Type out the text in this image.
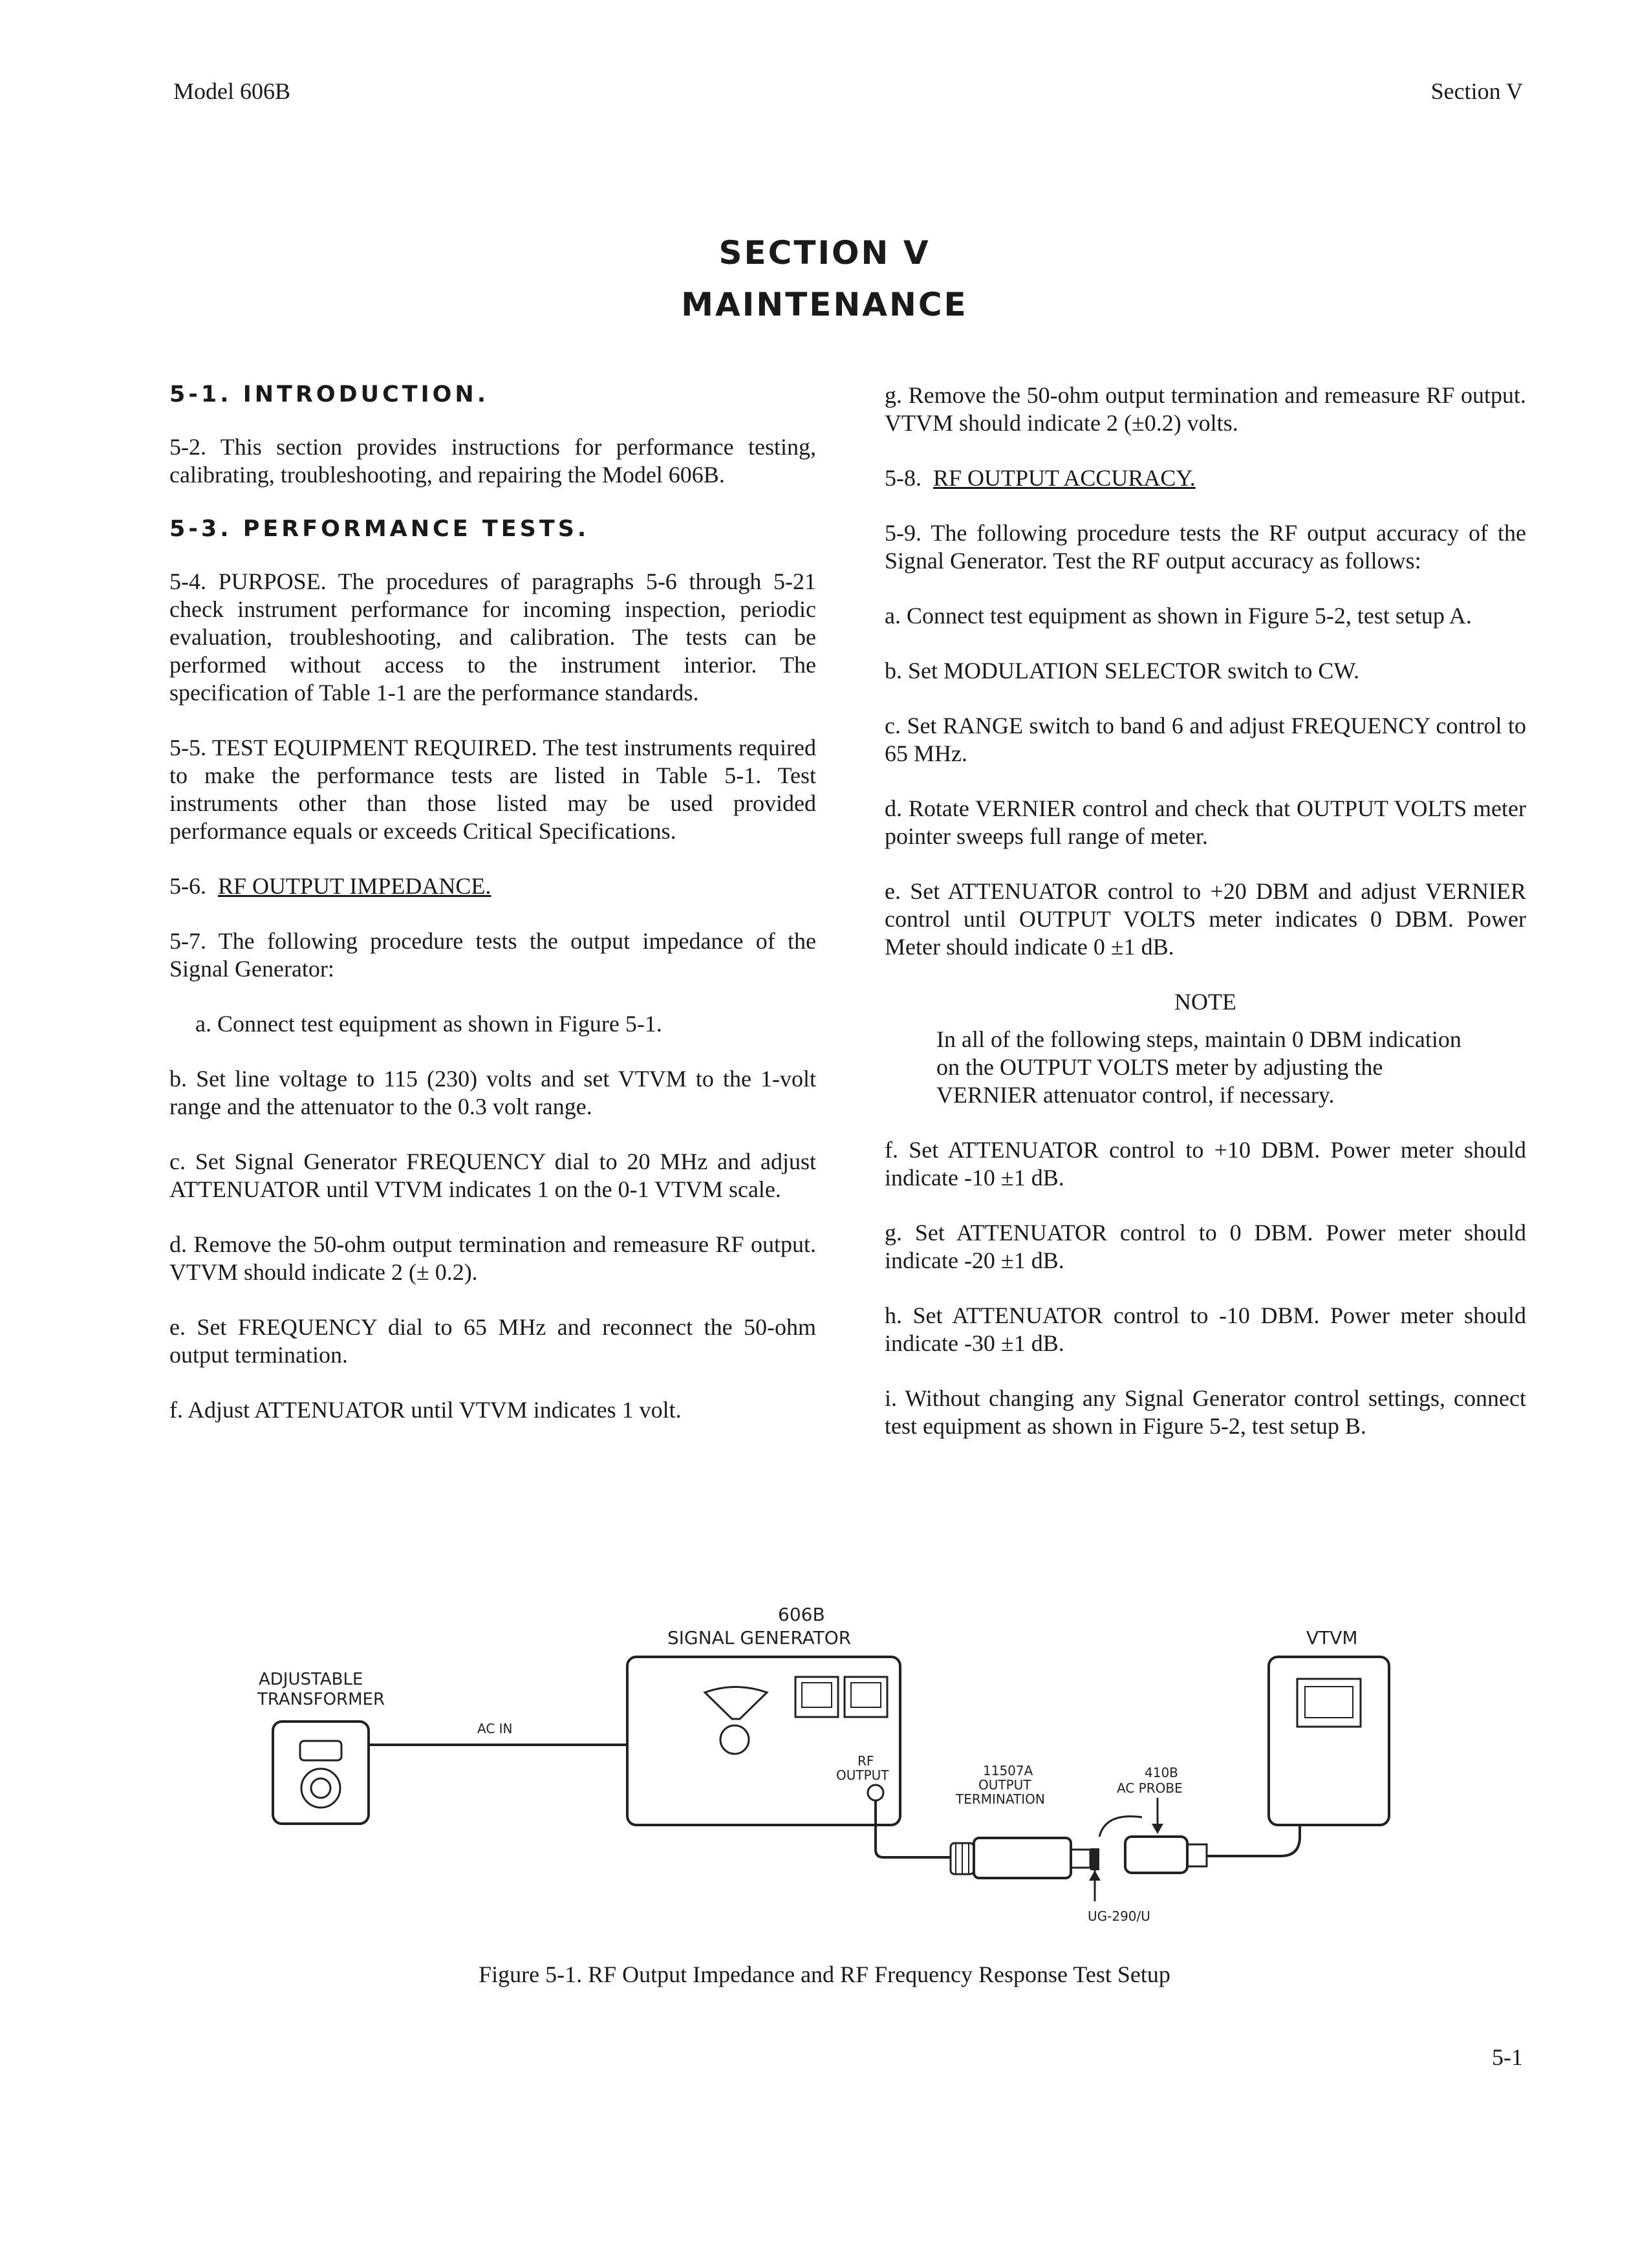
Model 606B	Section V
SECTION V
MAINTENANCE
5-1. INTRODUCTION.

5-2. This section provides instructions for performance testing, calibrating, troubleshooting, and repairing the Model 606B.

5-3. PERFORMANCE TESTS.

5-4. PURPOSE. The procedures of paragraphs 5-6 through 5-21 check instrument performance for incoming inspection, periodic evaluation, troubleshooting, and calibration. The tests can be performed without access to the instrument interior. The specification of Table 1-1 are the performance standards.

5-5. TEST EQUIPMENT REQUIRED. The test instruments required to make the performance tests are listed in Table 5-1. Test instruments other than those listed may be used provided performance equals or exceeds Critical Specifications.

5-6. RF OUTPUT IMPEDANCE.

5-7. The following procedure tests the output impedance of the Signal Generator:

a. Connect test equipment as shown in Figure 5-1.

b. Set line voltage to 115 (230) volts and set VTVM to the 1-volt range and the attenuator to the 0.3 volt range.

c. Set Signal Generator FREQUENCY dial to 20 MHz and adjust ATTENUATOR until VTVM indicates 1 on the 0-1 VTVM scale.

d. Remove the 50-ohm output termination and remeasure RF output. VTVM should indicate 2 (± 0.2).

e. Set FREQUENCY dial to 65 MHz and reconnect the 50-ohm output termination.

f. Adjust ATTENUATOR until VTVM indicates 1 volt.

g. Remove the 50-ohm output termination and remeasure RF output. VTVM should indicate 2 (±0.2) volts.

5-8. RF OUTPUT ACCURACY.

5-9. The following procedure tests the RF output accuracy of the Signal Generator. Test the RF output accuracy as follows:

a. Connect test equipment as shown in Figure 5-2, test setup A.

b. Set MODULATION SELECTOR switch to CW.

c. Set RANGE switch to band 6 and adjust FREQUENCY control to 65 MHz.

d. Rotate VERNIER control and check that OUTPUT VOLTS meter pointer sweeps full range of meter.

e. Set ATTENUATOR control to +20 DBM and adjust VERNIER control until OUTPUT VOLTS meter indicates 0 DBM. Power Meter should indicate 0 ±1 dB.

NOTE
In all of the following steps, maintain 0 DBM indication on the OUTPUT VOLTS meter by adjusting the VERNIER attenuator control, if necessary.

f. Set ATTENUATOR control to +10 DBM. Power meter should indicate -10 ±1 dB.

g. Set ATTENUATOR control to 0 DBM. Power meter should indicate -20 ±1 dB.

h. Set ATTENUATOR control to -10 DBM. Power meter should indicate -30 ±1 dB.

i. Without changing any Signal Generator control settings, connect test equipment as shown in Figure 5-2, test setup B.

ADJUSTABLE
TRANSFORMER
AC IN
606B
SIGNAL GENERATOR
RF
OUTPUT	11507A
OUTPUT
TERMINATION
UG-290/U
410B
AC PROBE
VTVM
Figure 5-1. RF Output Impedance and RF Frequency Response Test Setup
5-1
